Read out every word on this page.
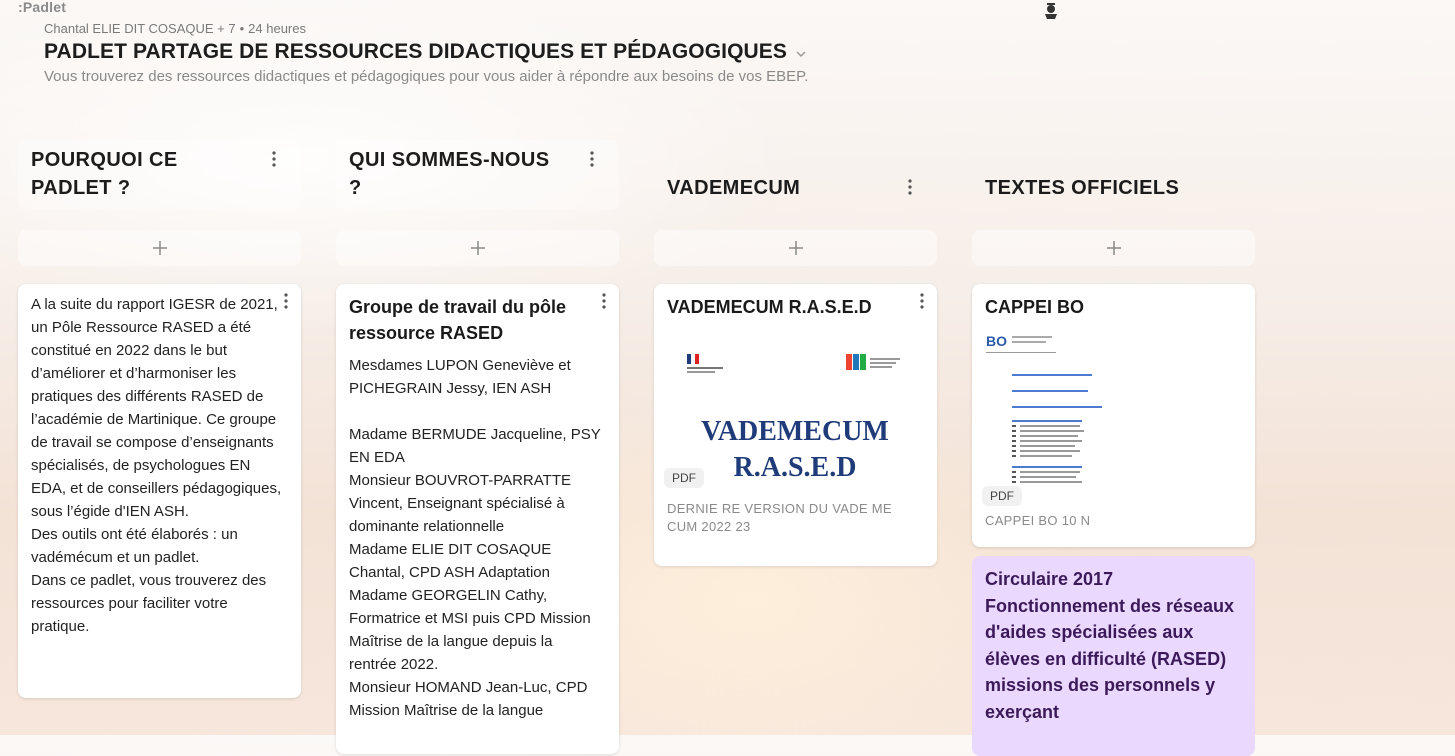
:Padlet
Chantal ELIE DIT COSAQUE + 7 • 24 heures
PADLET PARTAGE DE RESSOURCES DIDACTIQUES ET PÉDAGOGIQUES
Vous trouverez des ressources didactiques et pédagogiques pour vous aider à répondre aux besoins de vos EBEP.
POURQUOI CE PADLET ?

A la suite du rapport IGESR de 2021, un Pôle Ressource RASED a été constitué en 2022 dans le but d’améliorer et d’harmoniser les pratiques des différents RASED de l’académie de Martinique. Ce groupe de travail se compose d’enseignants spécialisés, de psychologues EN EDA, et de conseillers pédagogiques, sous l’égide d'IEN ASH.

Des outils ont été élaborés : un vadémécum et un padlet.

Dans ce padlet, vous trouverez des ressources pour faciliter votre pratique.

QUI SOMMES-NOUS ?
Groupe de travail du pôle ressource RASED
Mesdames LUPON Geneviève et PICHEGRAIN Jessy, IEN ASH
Madame BERMUDE Jacqueline, PSY EN EDA
Monsieur BOUVROT-PARRATTE Vincent, Enseignant spécialisé à dominante relationnelle
Madame ELIE DIT COSAQUE Chantal, CPD ASH Adaptation
Madame GEORGELIN Cathy, Formatrice et MSI puis CPD Mission Maîtrise de la langue depuis la
rentrée 2022.
Monsieur HOMAND Jean-Luc, CPD Mission Maîtrise de la langue
VADEMECUM
VADEMECUM R.A.S.E.D
VADEMECUM
R.A.S.E.D
PDF
DERNIE RE VERSION DU VADE ME CUM 2022 23
TEXTES OFFICIELS
CAPPEI BO
BO
PDF
CAPPEI BO 10 N
Circulaire 2017 Fonctionnement des réseaux d'aides spécialisées aux élèves en difficulté (RASED) missions des personnels y exerçant
